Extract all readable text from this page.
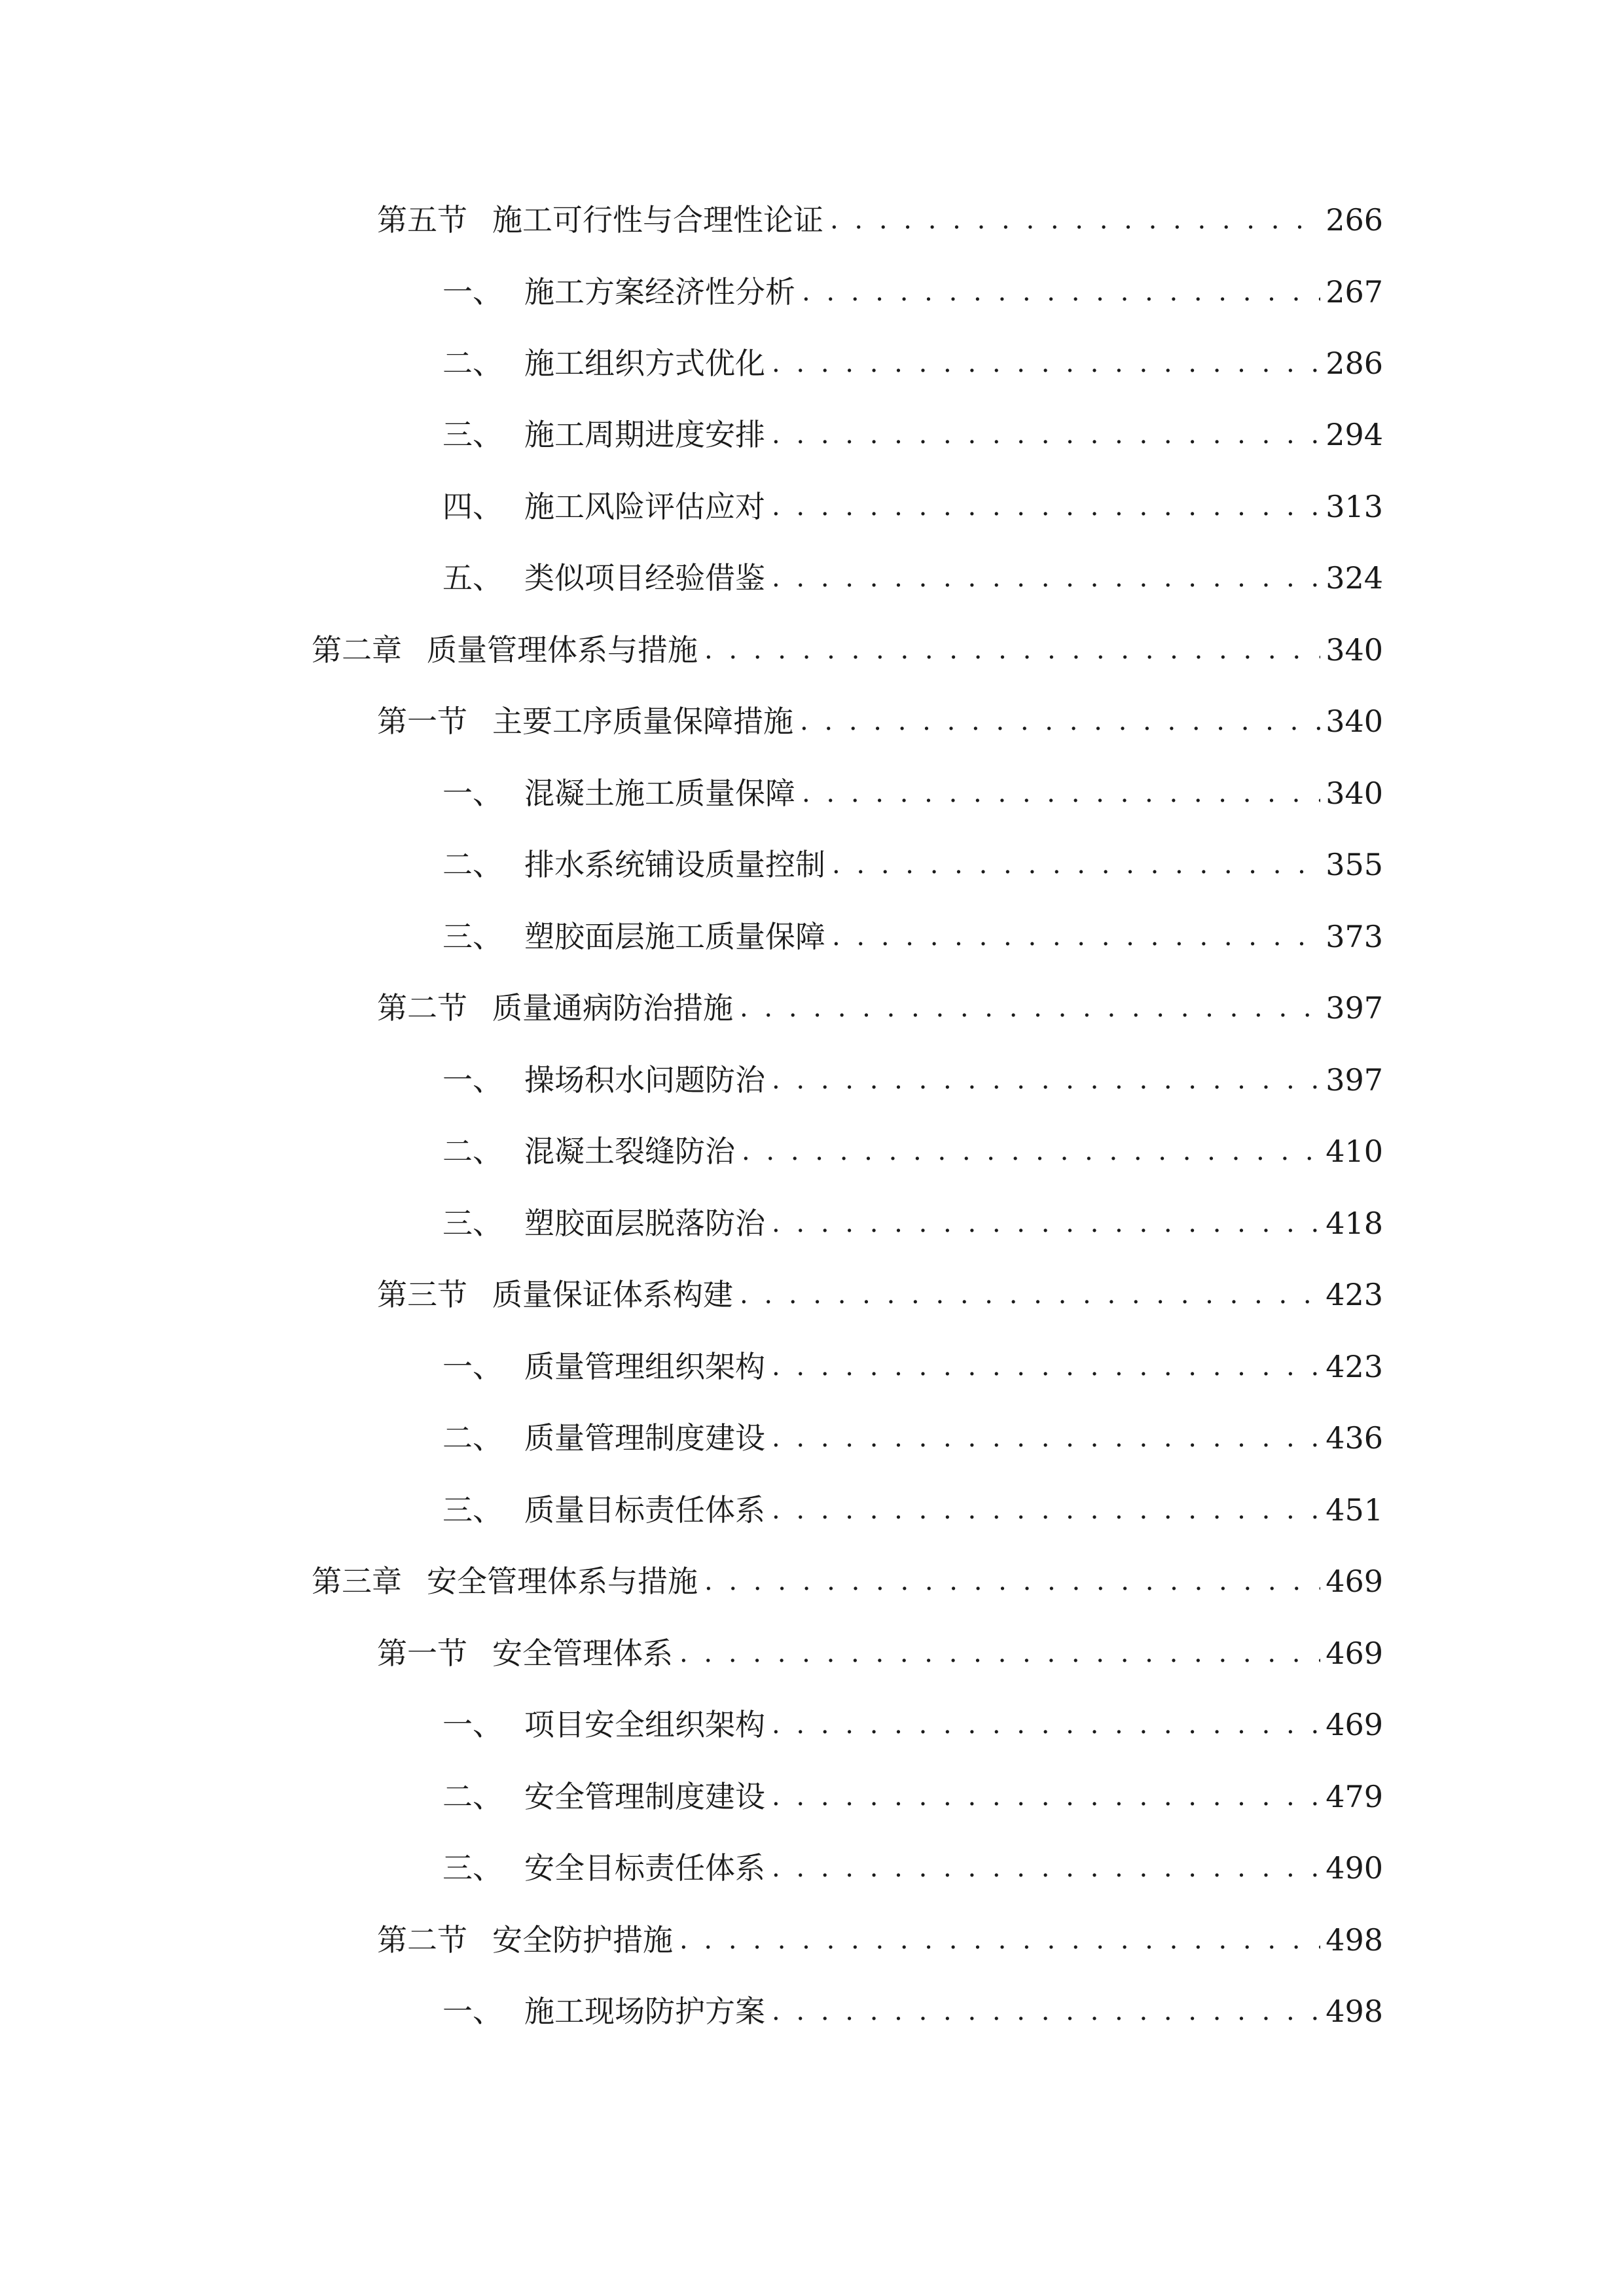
第五节 施工可行性与合理性论证 . . .	266
一、 施工方案经济性分析 . . .	267
二、 施工组织方式优化 . . .	286
三、 施工周期进度安排 . . .	294
四、 施工风险评估应对 . . .	313
五、 类似项目经验借鉴 . . .	324
第二章 质量管理体系与措施 . . .	340
第一节 主要工序质量保障措施 . . .	340
一、 混凝土施工质量保障 . . .	340
二、 排水系统铺设质量控制 . . .	355
三、 塑胶面层施工质量保障 . . .	373
第二节 质量通病防治措施 . . .	397
一、 操场积水问题防治 . . .	397
二、 混凝土裂缝防治 . . .	410
三、 塑胶面层脱落防治 . . .	418
第三节 质量保证体系构建 . . .	423
一、 质量管理组织架构 . . .	423
二、 质量管理制度建设 . . .	436
三、 质量目标责任体系 . . .	451
第三章 安全管理体系与措施 . . .	469
第一节 安全管理体系 . . .	469
一、 项目安全组织架构 . . .	469
二、 安全管理制度建设 . . .	479
三、 安全目标责任体系 . . .	490
第二节 安全防护措施 . . .	498
一、 施工现场防护方案 . . .	498
